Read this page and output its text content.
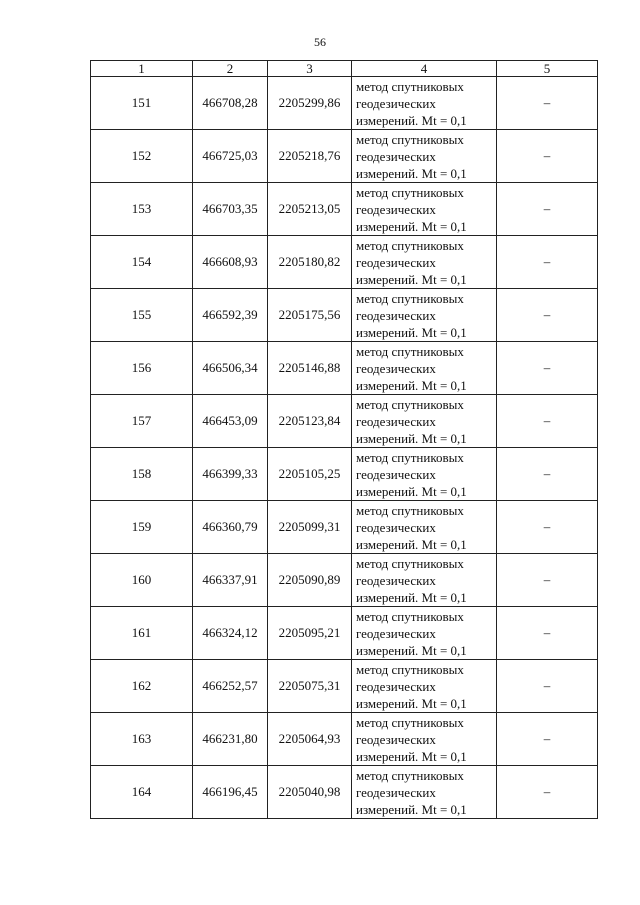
56
1	2	3	4	5
151	466708,28	2205299,86	метод спутниковых
геодезических
измерений. Mt = 0,1	–
152	466725,03	2205218,76	метод спутниковых
геодезических
измерений. Mt = 0,1	–
153	466703,35	2205213,05	метод спутниковых
геодезических
измерений. Mt = 0,1	–
154	466608,93	2205180,82	метод спутниковых
геодезических
измерений. Mt = 0,1	–
155	466592,39	2205175,56	метод спутниковых
геодезических
измерений. Mt = 0,1	–
156	466506,34	2205146,88	метод спутниковых
геодезических
измерений. Mt = 0,1	–
157	466453,09	2205123,84	метод спутниковых
геодезических
измерений. Mt = 0,1	–
158	466399,33	2205105,25	метод спутниковых
геодезических
измерений. Mt = 0,1	–
159	466360,79	2205099,31	метод спутниковых
геодезических
измерений. Mt = 0,1	–
160	466337,91	2205090,89	метод спутниковых
геодезических
измерений. Mt = 0,1	–
161	466324,12	2205095,21	метод спутниковых
геодезических
измерений. Mt = 0,1	–
162	466252,57	2205075,31	метод спутниковых
геодезических
измерений. Mt = 0,1	–
163	466231,80	2205064,93	метод спутниковых
геодезических
измерений. Mt = 0,1	–
164	466196,45	2205040,98	метод спутниковых
геодезических
измерений. Mt = 0,1	–
